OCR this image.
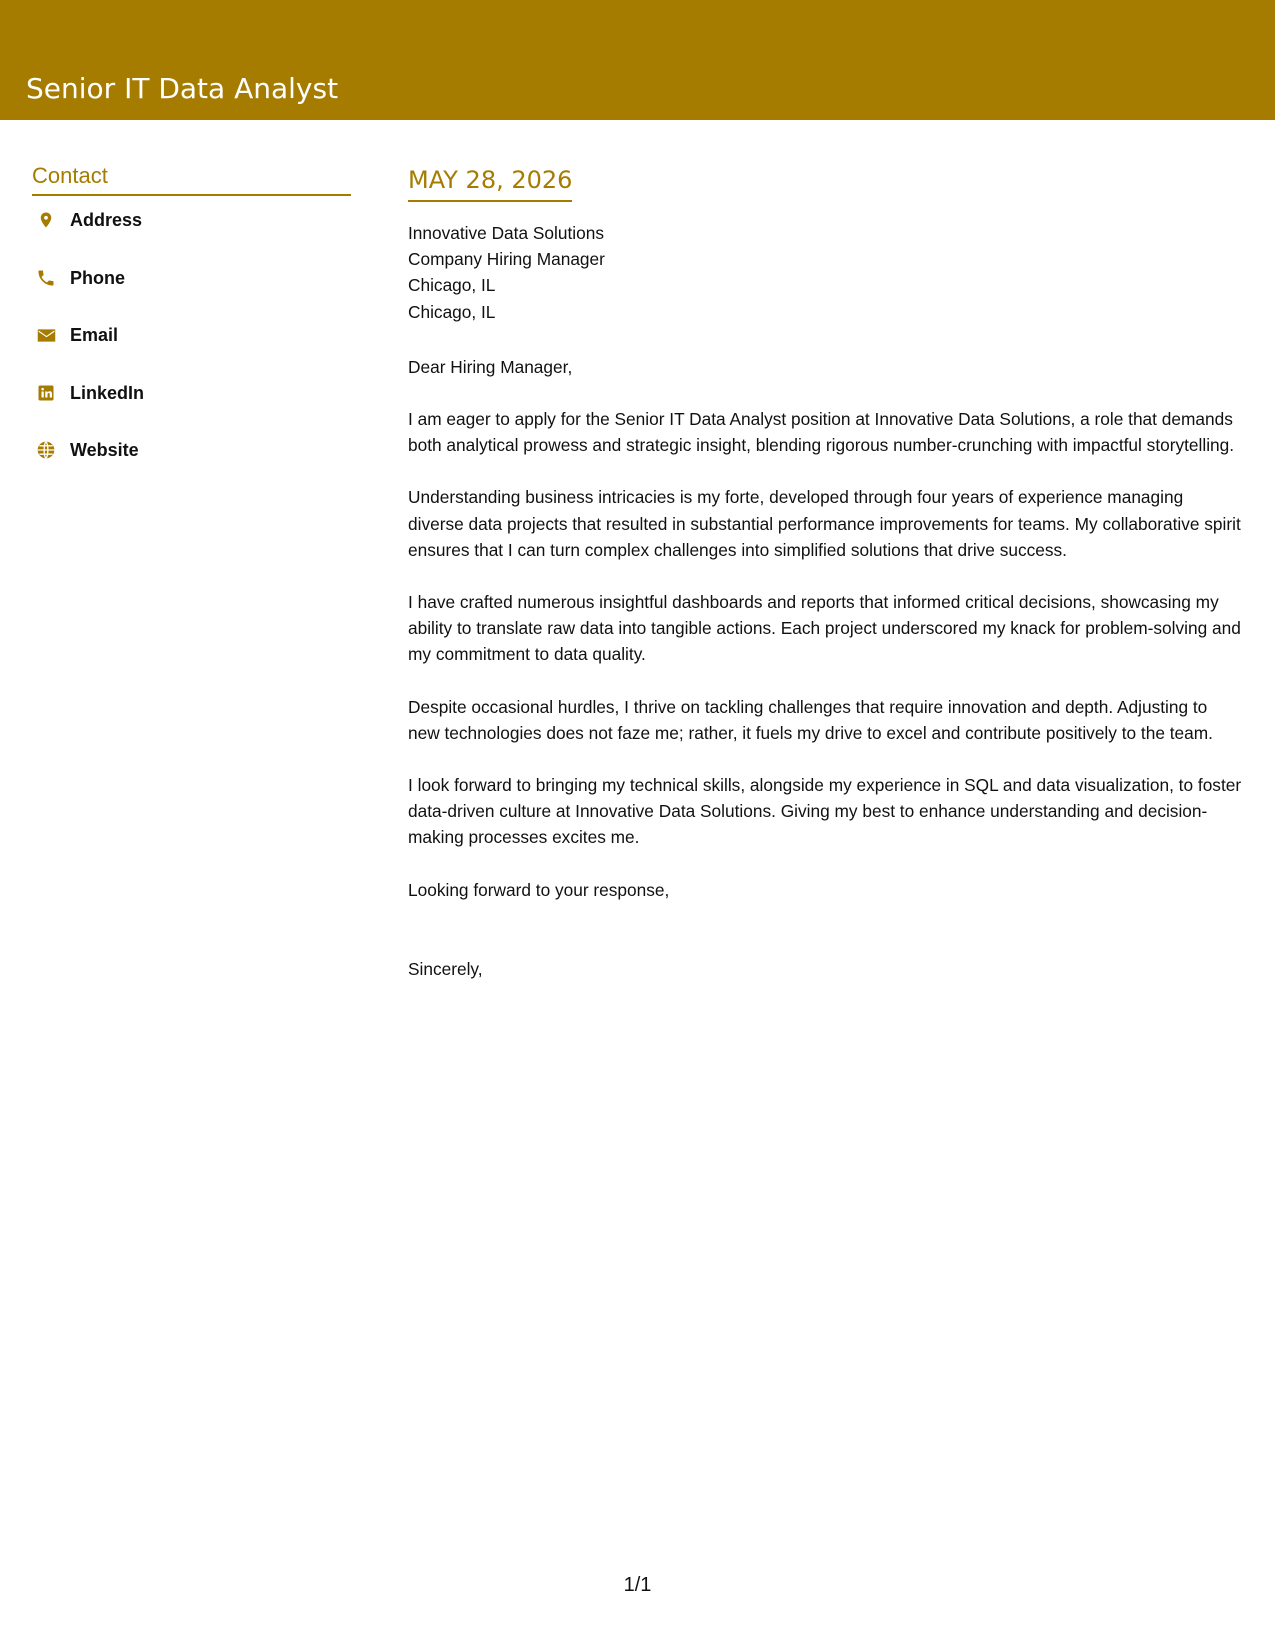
Senior IT Data Analyst
Contact
Address
Phone
Email
LinkedIn
Website
MAY 28, 2026
Innovative Data Solutions
Company Hiring Manager
Chicago, IL
Chicago, IL
Dear Hiring Manager,

I am eager to apply for the Senior IT Data Analyst position at Innovative Data Solutions, a role that demands both analytical prowess and strategic insight, blending rigorous number-crunching with impactful storytelling.

Understanding business intricacies is my forte, developed through four years of experience managing diverse data projects that resulted in substantial performance improvements for teams. My collaborative spirit ensures that I can turn complex challenges into simplified solutions that drive success.

I have crafted numerous insightful dashboards and reports that informed critical decisions, showcasing my ability to translate raw data into tangible actions. Each project underscored my knack for problem-solving and my commitment to data quality.

Despite occasional hurdles, I thrive on tackling challenges that require innovation and depth. Adjusting to new technologies does not faze me; rather, it fuels my drive to excel and contribute positively to the team.

I look forward to bringing my technical skills, alongside my experience in SQL and data visualization, to foster data-driven culture at Innovative Data Solutions. Giving my best to enhance understanding and decision-making processes excites me.

Looking forward to your response,
Sincerely,
1/1
